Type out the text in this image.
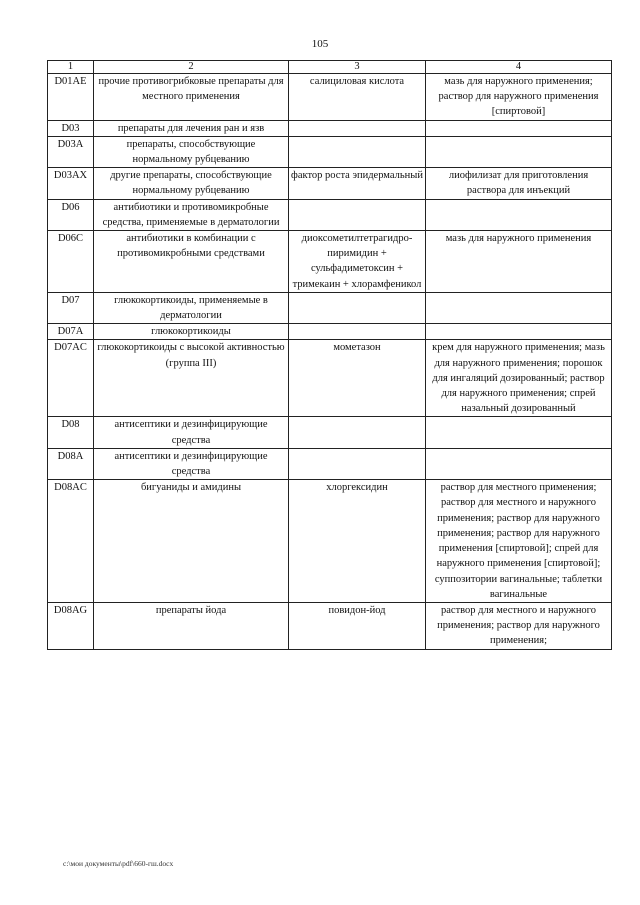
105
1	2	3	4
D01AE	прочие противогрибковые препараты для местного применения	салициловая кислота	мазь для наружного применения; раствор для наружного применения [спиртовой]
D03	препараты для лечения ран и язв		
D03A	препараты, способствующие нормальному рубцеванию		
D03AX	другие препараты, способствующие нормальному рубцеванию	фактор роста эпидермальный	лиофилизат для приготовления раствора для инъекций
D06	антибиотики и противомикробные средства, применяемые в дерматологии		
D06C	антибиотики в комбинации с противомикробными средствами	диоксометилтетрагидро- пиримидин + сульфадиметоксин + тримекаин + хлорамфеникол	мазь для наружного применения
D07	глюкокортикоиды, применяемые в дерматологии		
D07A	глюкокортикоиды		
D07AC	глюкокортикоиды с высокой активностью (группа III)	мометазон	крем для наружного применения; мазь для наружного применения; порошок для ингаляций дозированный; раствор для наружного применения; спрей назальный дозированный
D08	антисептики и дезинфицирующие средства		
D08A	антисептики и дезинфицирующие средства		
D08AC	бигуаниды и амидины	хлоргексидин	раствор для местного применения; раствор для местного и наружного применения; раствор для наружного применения; раствор для наружного применения [спиртовой]; спрей для наружного применения [спиртовой]; суппозитории вагинальные; таблетки вагинальные
D08AG	препараты йода	повидон-йод	раствор для местного и наружного применения; раствор для наружного применения;
c:\мои документы\pdf\660-гш.docx
